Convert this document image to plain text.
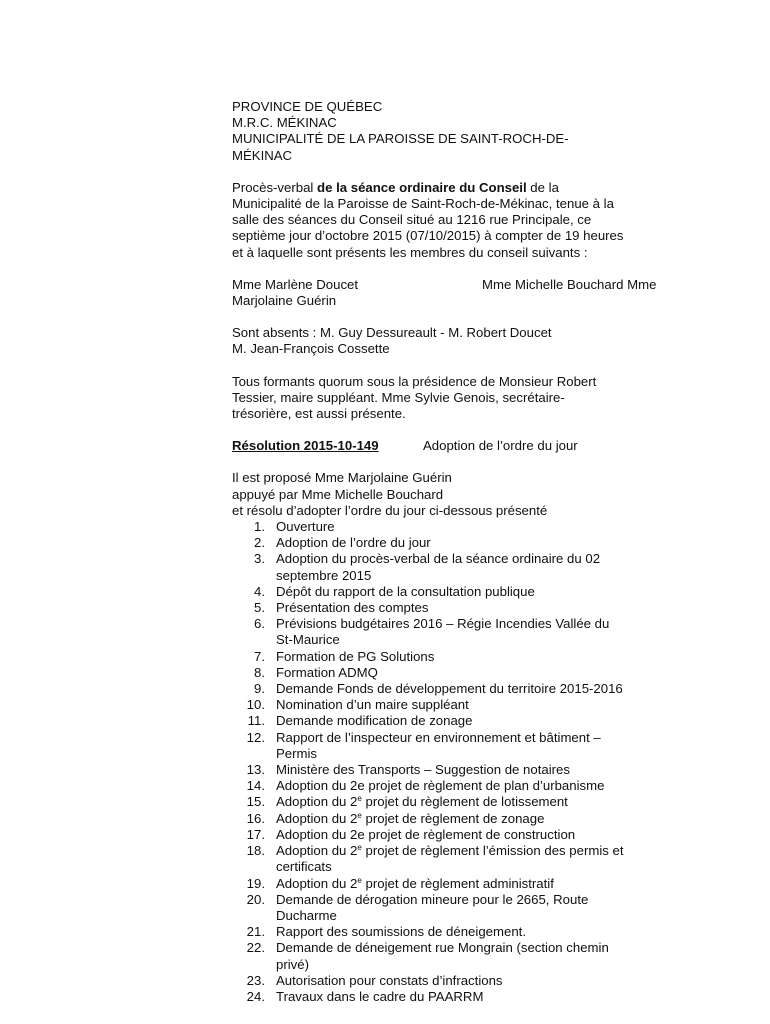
PROVINCE DE QUÉBEC
M.R.C. MÉKINAC
MUNICIPALITÉ DE LA PAROISSE DE SAINT-ROCH-DE-
MÉKINAC
Procès-verbal de la séance ordinaire du Conseil de la
Municipalité de la Paroisse de Saint-Roch-de-Mékinac, tenue à la
salle des séances du Conseil situé au 1216 rue Principale, ce
septième jour d’octobre 2015 (07/10/2015) à compter de 19 heures
et à laquelle sont présents les membres du conseil suivants :
Mme Marlène Doucet	Mme Michelle Bouchard Mme
Marjolaine Guérin
Sont absents : M. Guy Dessureault - M. Robert Doucet
M. Jean-François Cossette
Tous formants quorum sous la présidence de Monsieur Robert
Tessier, maire suppléant. Mme Sylvie Genois, secrétaire-
trésorière, est aussi présente.
Résolution 2015-10-149	Adoption de l’ordre du jour
Il est proposé Mme Marjolaine Guérin
appuyé par Mme Michelle Bouchard
et résolu d’adopter l’ordre du jour ci-dessous présenté
1. Ouverture
2. Adoption de l’ordre du jour
3. Adoption du procès-verbal de la séance ordinaire du 02
septembre 2015
4. Dépôt du rapport de la consultation publique
5. Présentation des comptes
6. Prévisions budgétaires 2016 – Régie Incendies Vallée du
St-Maurice
7. Formation de PG Solutions
8. Formation ADMQ
9. Demande Fonds de développement du territoire 2015-2016
10. Nomination d’un maire suppléant
11. Demande modification de zonage
12. Rapport de l’inspecteur en environnement et bâtiment –
Permis
13. Ministère des Transports – Suggestion de notaires
14. Adoption du 2e projet de règlement de plan d’urbanisme
15. Adoption du 2e projet du règlement de lotissement
16. Adoption du 2e projet de règlement de zonage
17. Adoption du 2e projet de règlement de construction
18. Adoption du 2e projet de règlement l’émission des permis et
certificats
19. Adoption du 2e projet de règlement administratif
20. Demande de dérogation mineure pour le 2665, Route
Ducharme
21. Rapport des soumissions de déneigement.
22. Demande de déneigement rue Mongrain (section chemin
privé)
23. Autorisation pour constats d’infractions
24. Travaux dans le cadre du PAARRM
